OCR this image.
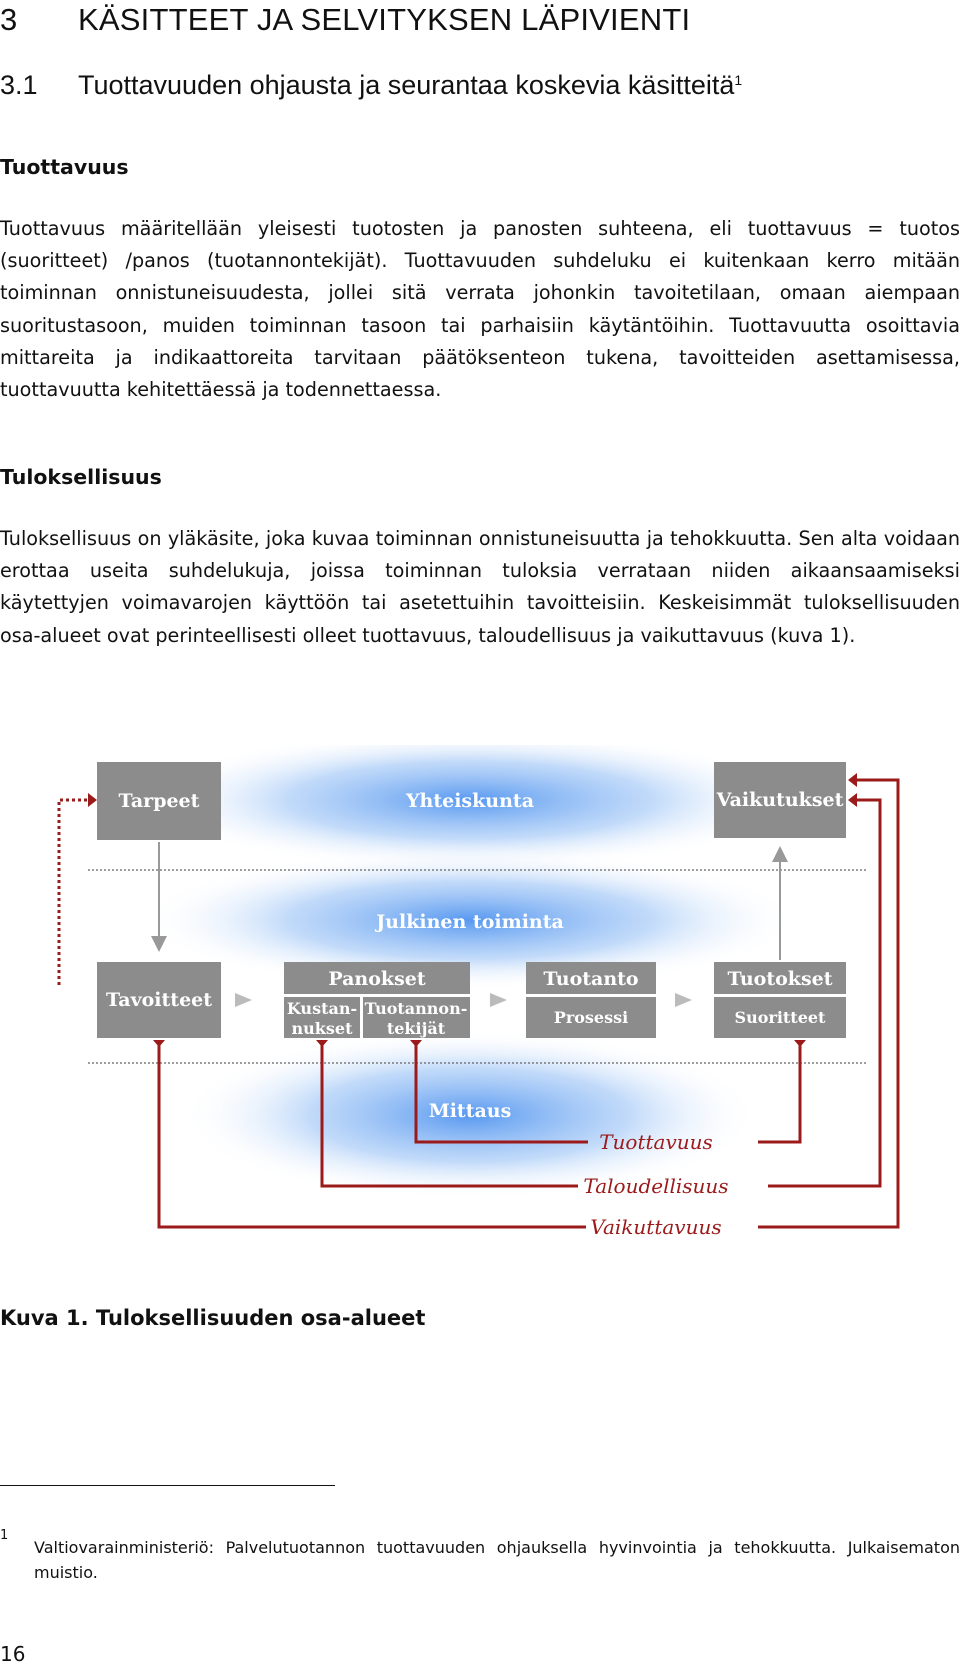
3 KÄSITTEET JA SELVITYKSEN LÄPIVIENTI
3.1 Tuottavuuden ohjausta ja seurantaa koskevia käsitteitä$^1$
Tuottavuus
Tuottavuus määritellään yleisesti tuotosten ja panosten suhteena, eli tuottavuus = tuotos (suoritteet) /panos (tuotannontekijät). Tuottavuuden suhdeluku ei kuitenkaan kerro mitään toiminnan onnistuneisuudesta, jollei sitä verrata johonkin tavoitetilaan, omaan aiempaan suoritustasoon, muiden toiminnan tasoon tai parhaisiin käytäntöihin. Tuottavuutta osoittavia mittareita ja indikaattoreita tarvitaan päätöksenteon tukena, tavoitteiden asettamisessa, tuottavuutta kehitettäessä ja todennettaessa.
Tuloksellisuus
Tuloksellisuus on yläkäsite, joka kuvaa toiminnan onnistuneisuutta ja tehokkuutta. Sen alta voidaan erottaa useita suhdelukuja, joissa toiminnan tuloksia verrataan niiden aikaansaamiseksi käytettyjen voimavarojen käyttöön tai asetettuihin tavoitteisiin. Keskeisimmät tuloksellisuuden osa-alueet ovat perinteellisesti olleet tuottavuus, taloudellisuus ja vaikuttavuus (kuva 1).
Tarpeet	Yhteiskunta	Vaikutukset
Julkinen toiminta
Tavoitteet
Panokset
Kustan-
nukset
Tuotannon-
tekijät
Tuotanto
Prosessi
Tuotokset
Suoritteet
Mittaus
Tuottavuus
Taloudellisuus
Vaikuttavuus
Kuva 1. Tuloksellisuuden osa-alueet
1
Valtiovarainministeriö: Palvelutuotannon tuottavuuden ohjauksella hyvinvointia ja tehokkuutta. Julkaisematon muistio.
16
